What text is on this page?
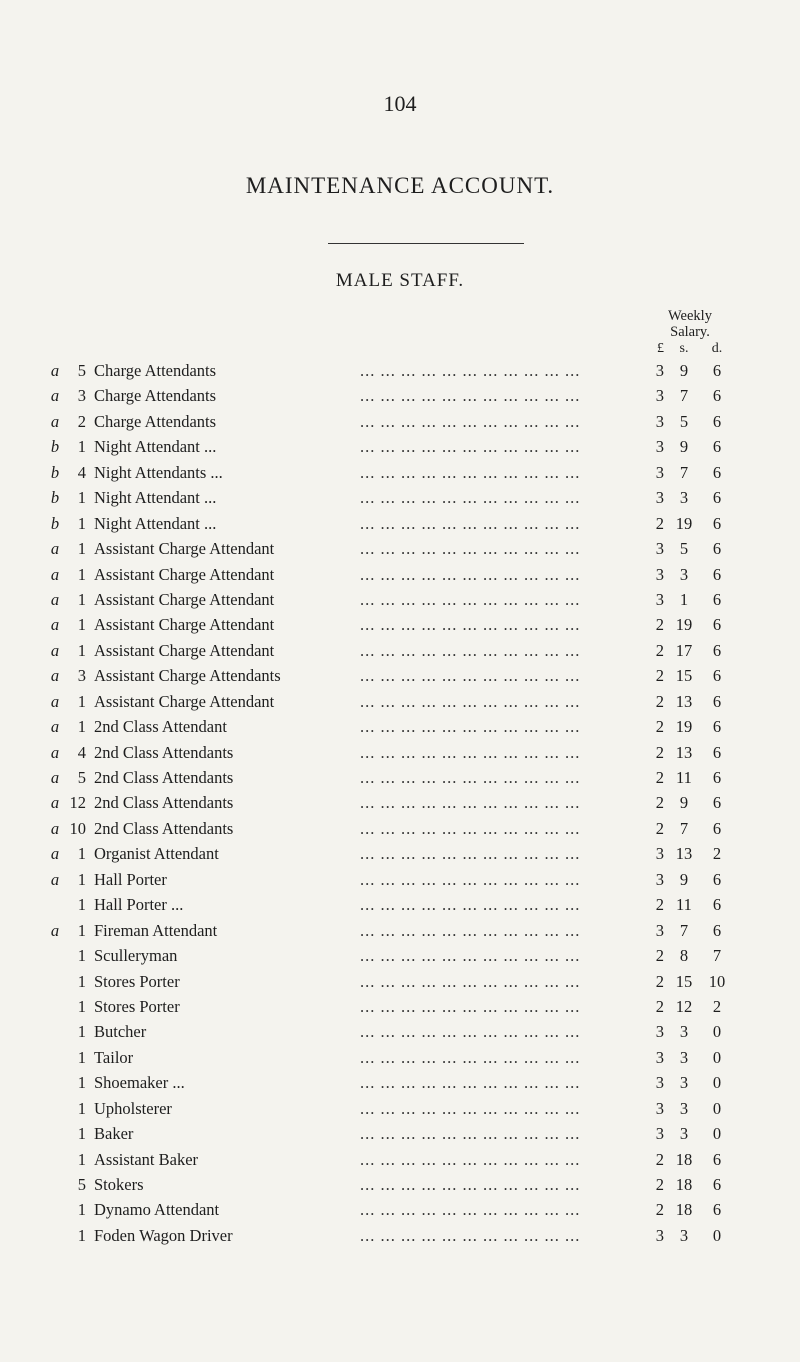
104
MAINTENANCE ACCOUNT.
MALE STAFF.
Weekly
Salary.
£	s.	d.
a	5 Charge Attendants	... ... ... ... ... ... ... ... ... ... ...	3 9	6
a	3 Charge Attendants	... ... ... ... ... ... ... ... ... ... ...	3 7	6
a	2 Charge Attendants	... ... ... ... ... ... ... ... ... ... ...	3 5	6
b	1 Night Attendant ...	... ... ... ... ... ... ... ... ... ... ...	3 9	6
b	4 Night Attendants ...	... ... ... ... ... ... ... ... ... ... ...	3 7	6
b	1 Night Attendant ...	... ... ... ... ... ... ... ... ... ... ...	3 3	6
b	1 Night Attendant ...	... ... ... ... ... ... ... ... ... ... ...	2 19	6
a	1 Assistant Charge Attendant	... ... ... ... ... ... ... ... ... ... ...	3 5	6
a	1 Assistant Charge Attendant	... ... ... ... ... ... ... ... ... ... ...	3 3	6
a	1 Assistant Charge Attendant	... ... ... ... ... ... ... ... ... ... ...	3 1	6
a	1 Assistant Charge Attendant	... ... ... ... ... ... ... ... ... ... ...	2 19	6
a	1 Assistant Charge Attendant	... ... ... ... ... ... ... ... ... ... ...	2 17	6
a	3 Assistant Charge Attendants	... ... ... ... ... ... ... ... ... ... ...	2 15	6
a	1 Assistant Charge Attendant	... ... ... ... ... ... ... ... ... ... ...	2 13	6
a	1 2nd Class Attendant	... ... ... ... ... ... ... ... ... ... ...	2 19	6
a	4 2nd Class Attendants	... ... ... ... ... ... ... ... ... ... ...	2 13	6
a	5 2nd Class Attendants	... ... ... ... ... ... ... ... ... ... ...	2 11	6
a 12 2nd Class Attendants	... ... ... ... ... ... ... ... ... ... ...	2 9	6
a 10 2nd Class Attendants	... ... ... ... ... ... ... ... ... ... ...	2 7	6
a	1 Organist Attendant	... ... ... ... ... ... ... ... ... ... ...	3 13	2
a	1 Hall Porter	... ... ... ... ... ... ... ... ... ... ...	3 9	6
1 Hall Porter ...	... ... ... ... ... ... ... ... ... ... ...	2 11	6
a	1 Fireman Attendant	... ... ... ... ... ... ... ... ... ... ...	3 7	6
1 Sculleryman	... ... ... ... ... ... ... ... ... ... ...	2 8	7
1 Stores Porter	... ... ... ... ... ... ... ... ... ... ...	2 15 10
1 Stores Porter	... ... ... ... ... ... ... ... ... ... ...	2 12	2
1 Butcher	... ... ... ... ... ... ... ... ... ... ...	3 3	0
1 Tailor	... ... ... ... ... ... ... ... ... ... ...	3 3	0
1 Shoemaker ...	... ... ... ... ... ... ... ... ... ... ...	3 3	0
1 Upholsterer	... ... ... ... ... ... ... ... ... ... ...	3 3	0
1 Baker	... ... ... ... ... ... ... ... ... ... ...	3 3	0
1 Assistant Baker	... ... ... ... ... ... ... ... ... ... ...	2 18	6
5 Stokers	... ... ... ... ... ... ... ... ... ... ...	2 18	6
1 Dynamo Attendant	... ... ... ... ... ... ... ... ... ... ...	2 18	6
1 Foden Wagon Driver	... ... ... ... ... ... ... ... ... ... ...	3 3	0
